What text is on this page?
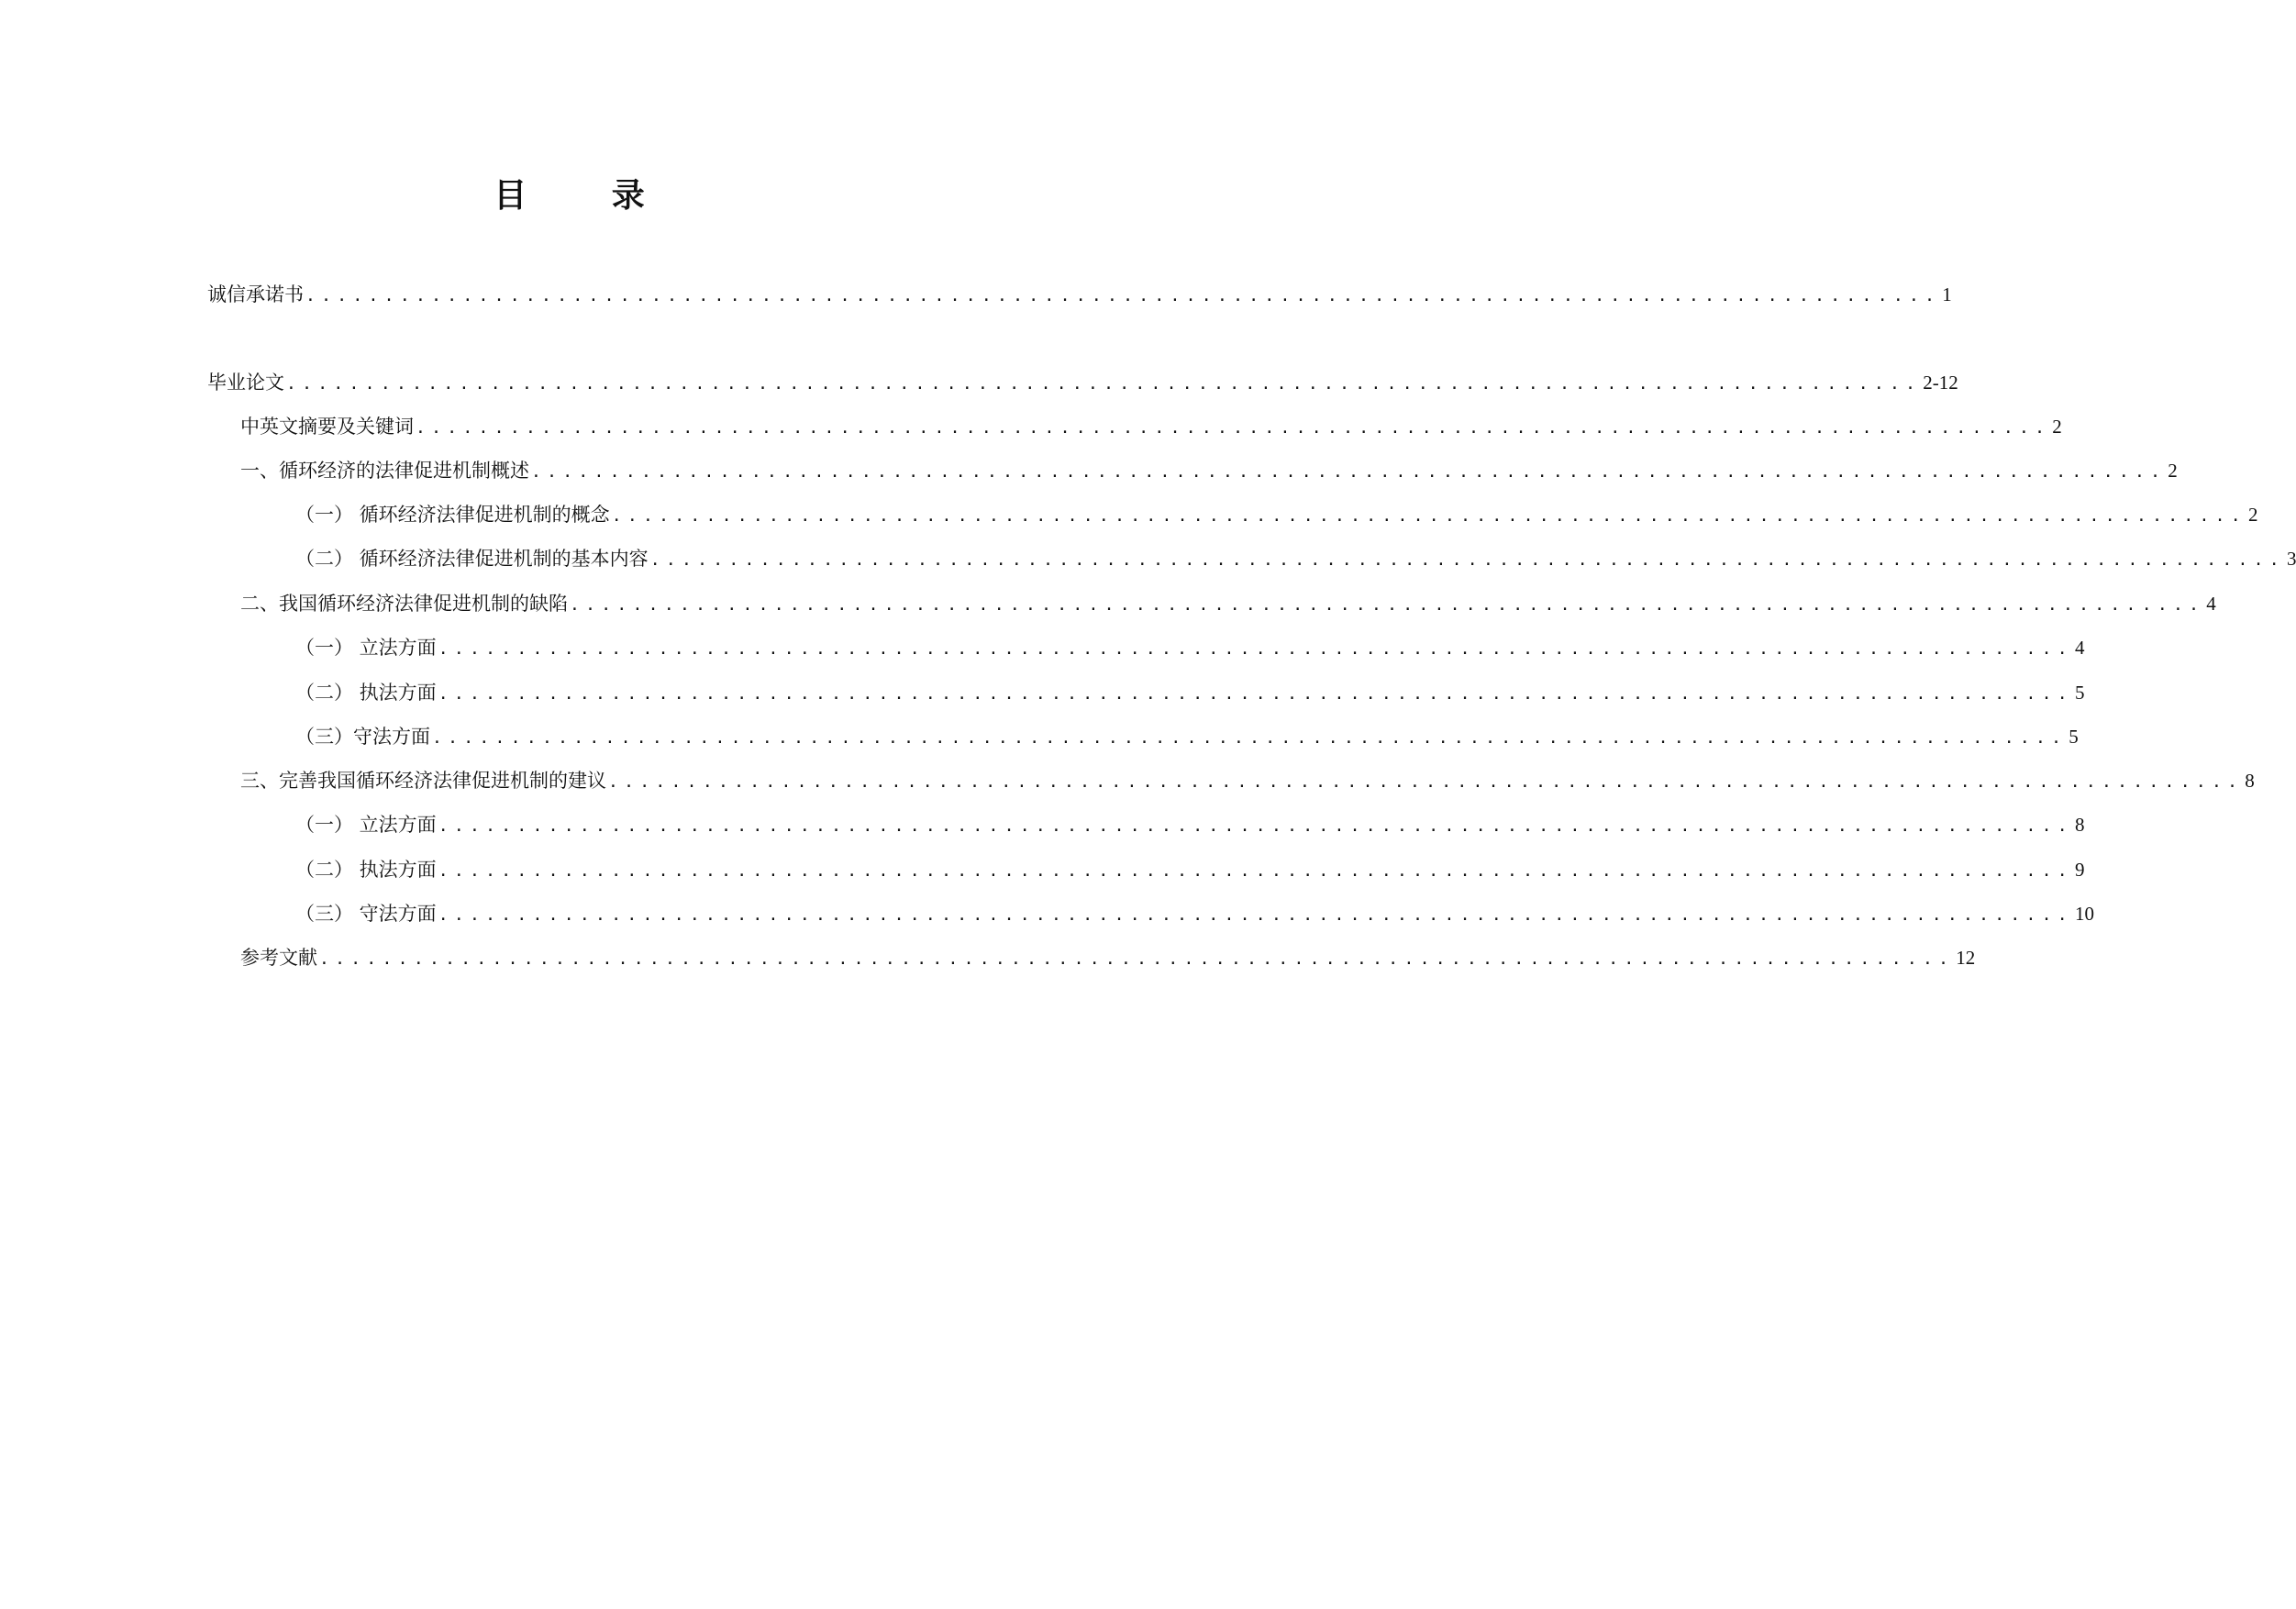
目 录
诚信承诺书 ........................................................................................................ 1
毕业论文 ........................................................................................................ 2-12
中英文摘要及关键词 ........................................................................................................ 2
一、循环经济的法律促进机制概述 ........................................................................................................ 2
（一） 循环经济法律促进机制的概念 ........................................................................................................ 2
（二） 循环经济法律促进机制的基本内容 ........................................................................................................ 3
二、我国循环经济法律促进机制的缺陷 ........................................................................................................ 4
（一） 立法方面 ........................................................................................................ 4
（二） 执法方面 ........................................................................................................ 5
（三）守法方面 ........................................................................................................ 5
三、完善我国循环经济法律促进机制的建议 ........................................................................................................ 8
（一） 立法方面 ........................................................................................................ 8
（二） 执法方面 ........................................................................................................ 9
（三） 守法方面 ........................................................................................................ 10
参考文献 ........................................................................................................ 12
